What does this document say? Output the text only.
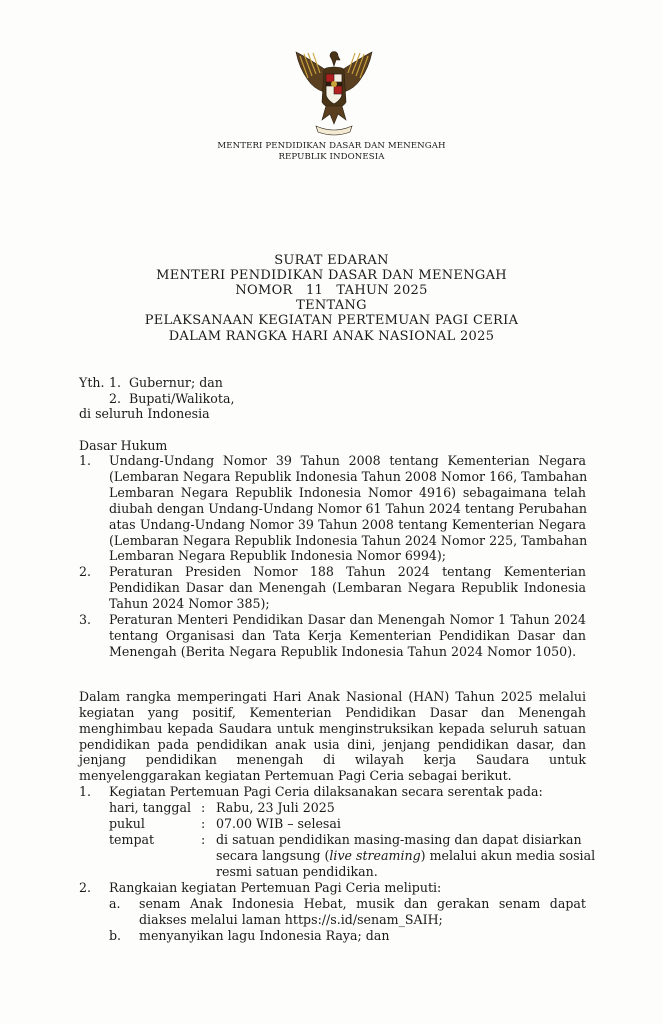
MENTERI PENDIDIKAN DASAR DAN MENENGAH
REPUBLIK INDONESIA
SURAT EDARAN
MENTERI PENDIDIKAN DASAR DAN MENENGAH
NOMOR 11 TAHUN 2025
TENTANG
PELAKSANAAN KEGIATAN PERTEMUAN PAGI CERIA
DALAM RANGKA HARI ANAK NASIONAL 2025
Yth. 1. Gubernur; dan
2. Bupati/Walikota,
di seluruh Indonesia
Dasar Hukum
1. Undang-Undang Nomor 39 Tahun 2008 tentang Kementerian Negara
(Lembaran Negara Republik Indonesia Tahun 2008 Nomor 166, Tambahan
Lembaran Negara Republik Indonesia Nomor 4916) sebagaimana telah
diubah dengan Undang-Undang Nomor 61 Tahun 2024 tentang Perubahan
atas Undang-Undang Nomor 39 Tahun 2008 tentang Kementerian Negara
(Lembaran Negara Republik Indonesia Tahun 2024 Nomor 225, Tambahan
Lembaran Negara Republik Indonesia Nomor 6994);
2. Peraturan Presiden Nomor 188 Tahun 2024 tentang Kementerian
Pendidikan Dasar dan Menengah (Lembaran Negara Republik Indonesia
Tahun 2024 Nomor 385);
3. Peraturan Menteri Pendidikan Dasar dan Menengah Nomor 1 Tahun 2024
tentang Organisasi dan Tata Kerja Kementerian Pendidikan Dasar dan
Menengah (Berita Negara Republik Indonesia Tahun 2024 Nomor 1050).
Dalam rangka memperingati Hari Anak Nasional (HAN) Tahun 2025 melalui
kegiatan yang positif, Kementerian Pendidikan Dasar dan Menengah
menghimbau kepada Saudara untuk menginstruksikan kepada seluruh satuan
pendidikan pada pendidikan anak usia dini, jenjang pendidikan dasar, dan
jenjang pendidikan menengah di wilayah kerja Saudara untuk
menyelenggarakan kegiatan Pertemuan Pagi Ceria sebagai berikut.
1. Kegiatan Pertemuan Pagi Ceria dilaksanakan secara serentak pada:
hari, tanggal : Rabu, 23 Juli 2025
pukul	: 07.00 WIB – selesai
tempat	: di satuan pendidikan masing-masing dan dapat disiarkan
secara langsung (live streaming) melalui akun media sosial
resmi satuan pendidikan.
2. Rangkaian kegiatan Pertemuan Pagi Ceria meliputi:
a. senam Anak Indonesia Hebat, musik dan gerakan senam dapat
diakses melalui laman https://s.id/senam_SAIH;
b. menyanyikan lagu Indonesia Raya; dan
